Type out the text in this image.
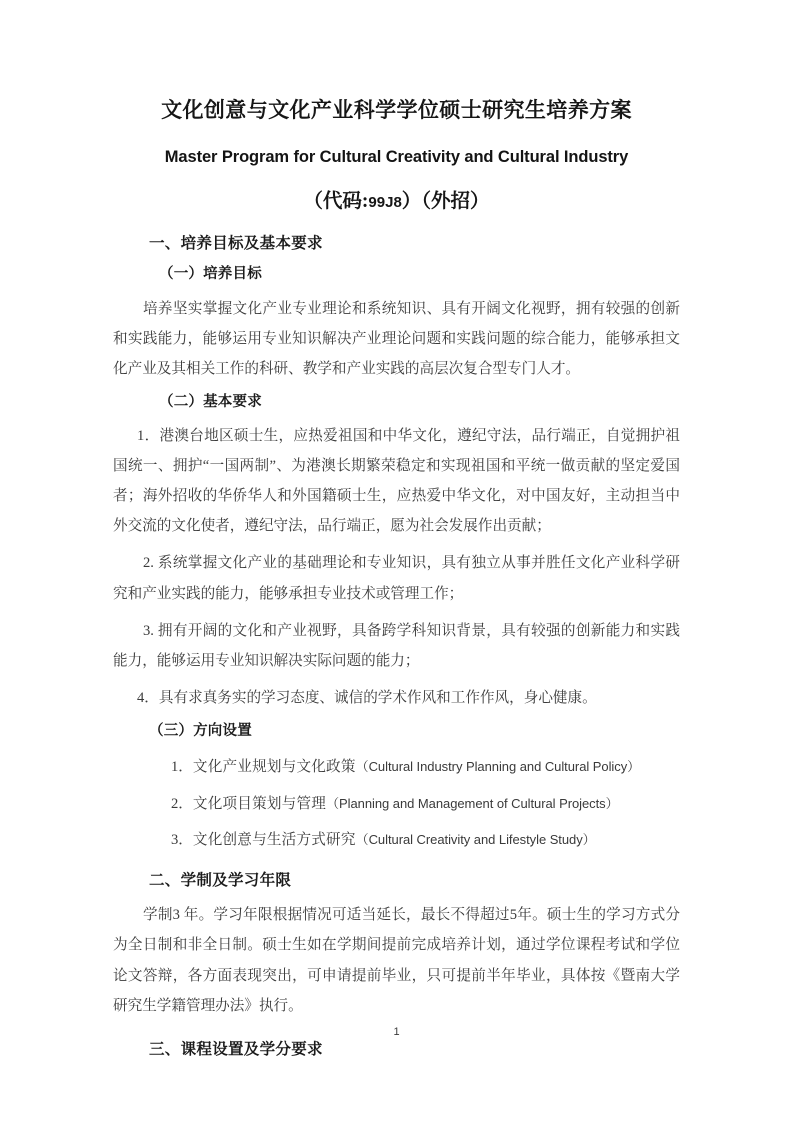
文化创意与文化产业科学学位硕士研究生培养方案
Master Program for Cultural Creativity and Cultural Industry

（代码:99J8）（外招）

一、培养目标及基本要求
（一）培养目标

培养坚实掌握文化产业专业理论和系统知识、具有开阔文化视野，拥有较强的创新和实践能力，能够运用专业知识解决产业理论问题和实践问题的综合能力，能够承担文化产业及其相关工作的科研、教学和产业实践的高层次复合型专门人才。

（二）基本要求

1．港澳台地区硕士生，应热爱祖国和中华文化，遵纪守法，品行端正，自觉拥护祖国统一、拥护“一国两制”、为港澳长期繁荣稳定和实现祖国和平统一做贡献的坚定爱国者；海外招收的华侨华人和外国籍硕士生，应热爱中华文化，对中国友好，主动担当中外交流的文化使者，遵纪守法，品行端正，愿为社会发展作出贡献；

2. 系统掌握文化产业的基础理论和专业知识，具有独立从事并胜任文化产业科学研究和产业实践的能力，能够承担专业技术或管理工作；

3. 拥有开阔的文化和产业视野，具备跨学科知识背景，具有较强的创新能力和实践能力，能够运用专业知识解决实际问题的能力；

4．具有求真务实的学习态度、诚信的学术作风和工作作风，身心健康。

（三）方向设置
1．文化产业规划与文化政策（Cultural Industry Planning and Cultural Policy）
2．文化项目策划与管理（Planning and Management of Cultural Projects）
3．文化创意与生活方式研究（Cultural Creativity and Lifestyle Study）
二、学制及学习年限

学制3 年。学习年限根据情况可适当延长，最长不得超过5年。硕士生的学习方式分为全日制和非全日制。硕士生如在学期间提前完成培养计划，通过学位课程考试和学位论文答辩，各方面表现突出，可申请提前毕业，只可提前半年毕业，具体按《暨南大学研究生学籍管理办法》执行。

三、课程设置及学分要求
1
